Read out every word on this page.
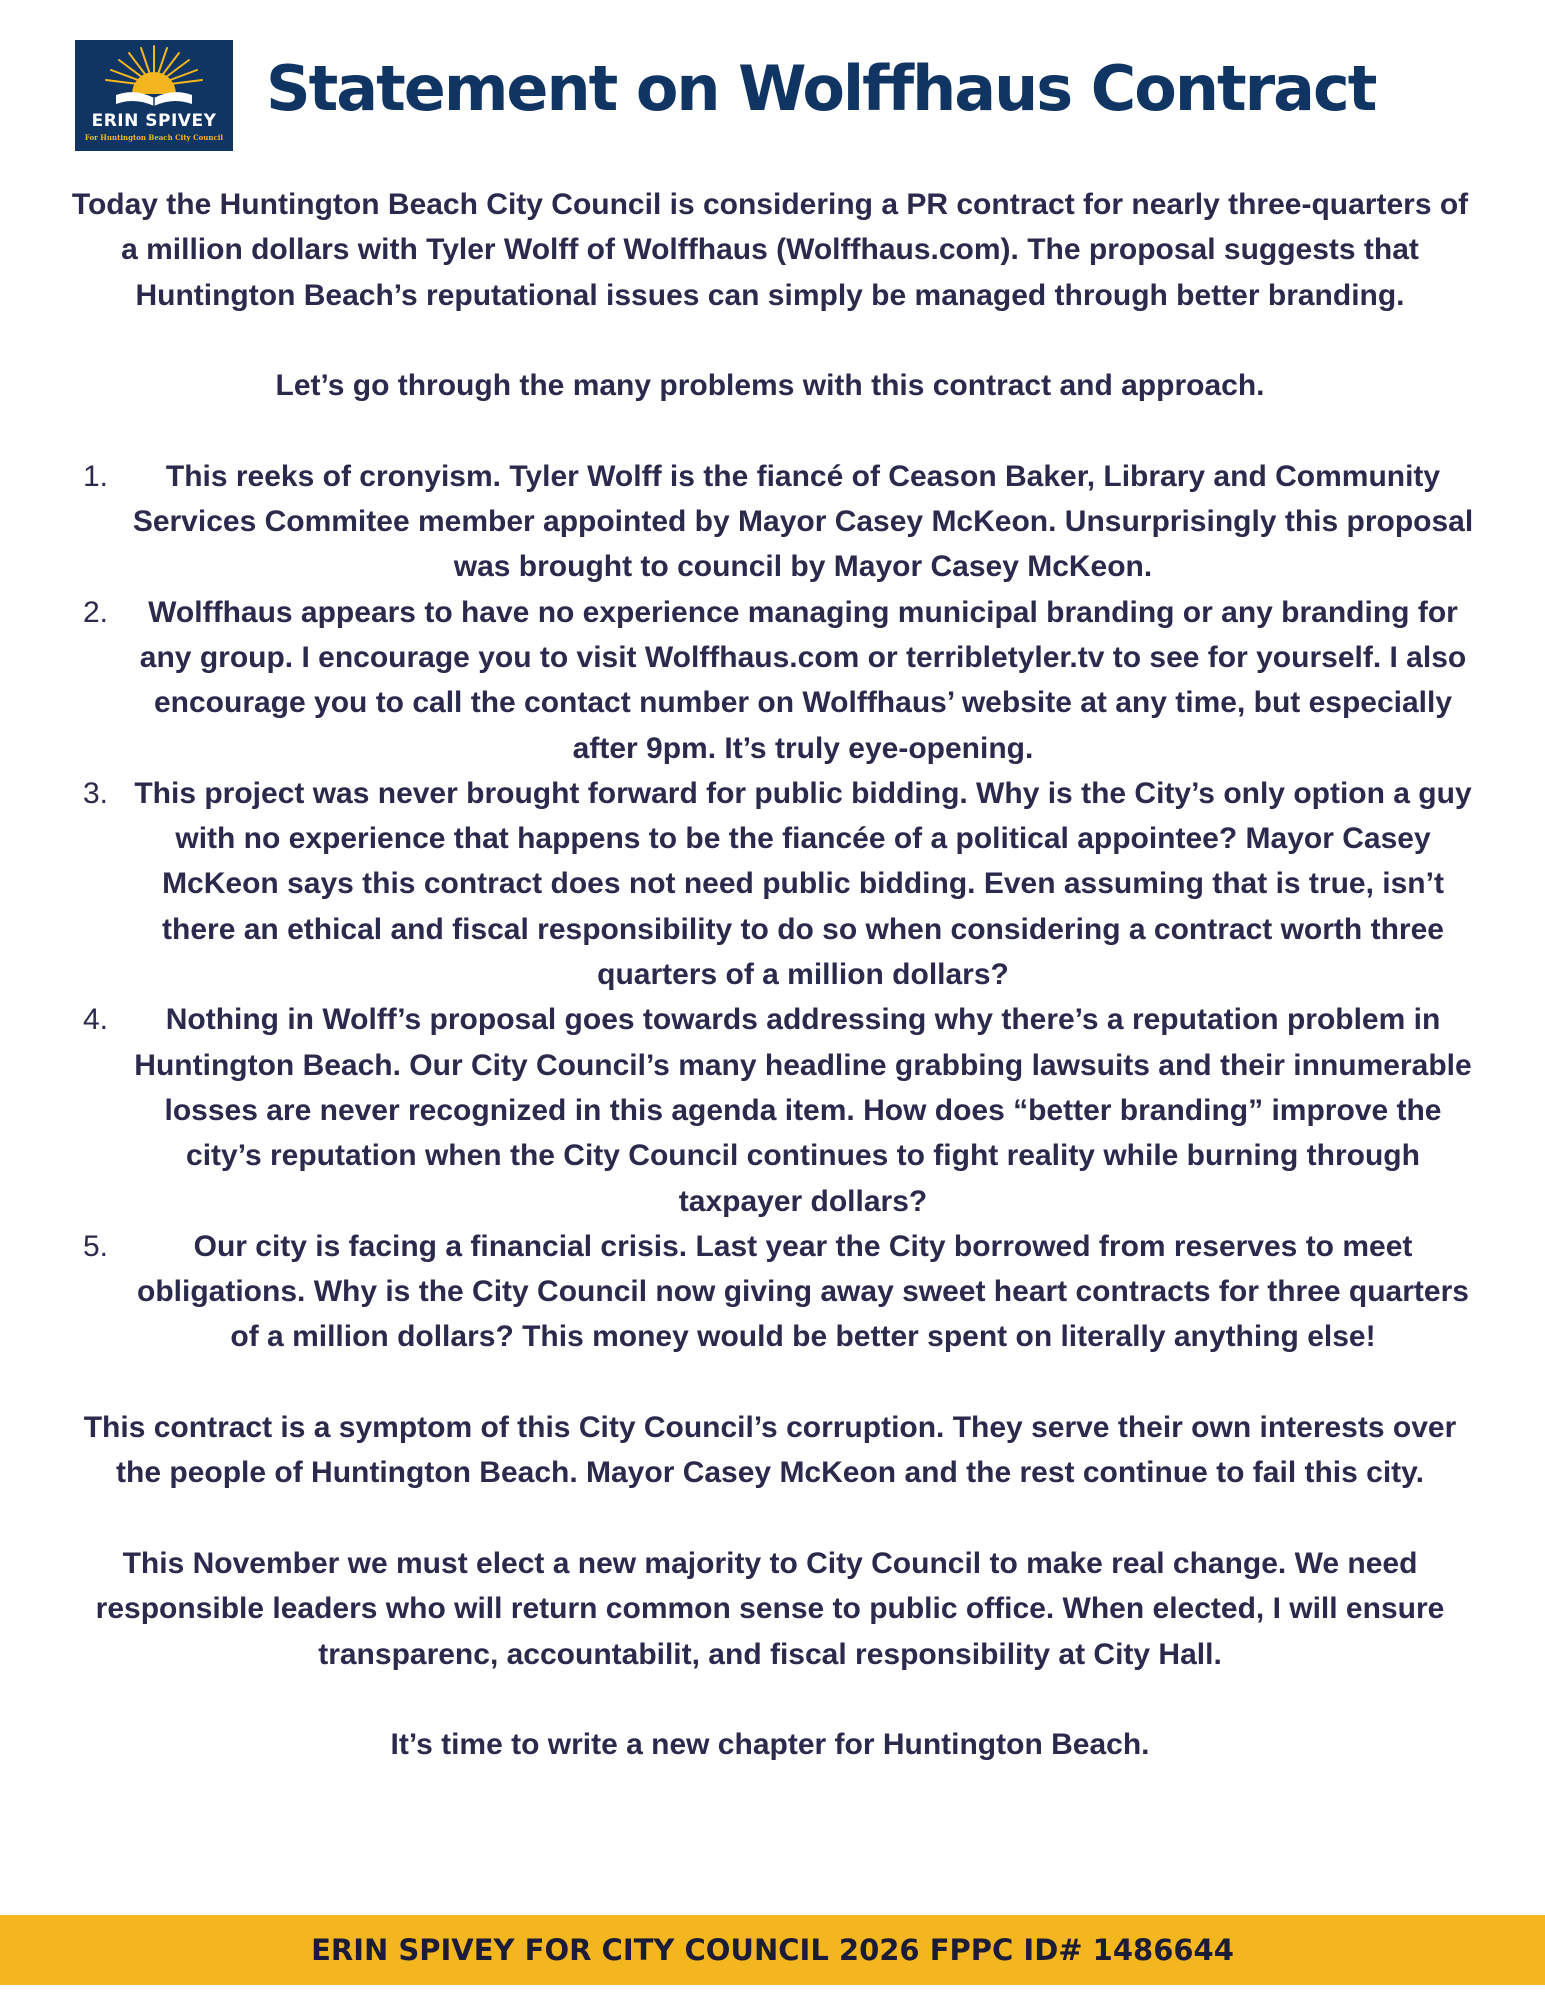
ERIN SPIVEY
For Huntington Beach City Council
Statement on Wolffhaus Contract

Today the Huntington Beach City Council is considering a PR contract for nearly three-quarters of a million dollars with Tyler Wolff of Wolffhaus (Wolffhaus.com). The proposal suggests that Huntington Beach’s reputational issues can simply be managed through better branding.

Let’s go through the many problems with this contract and approach.

1. This reeks of cronyism. Tyler Wolff is the fiancé of Ceason Baker, Library and Community Services Commitee member appointed by Mayor Casey McKeon. Unsurprisingly this proposal was brought to council by Mayor Casey McKeon.
2. Wolffhaus appears to have no experience managing municipal branding or any branding for any group. I encourage you to visit Wolffhaus.com or terribletyler.tv to see for yourself. I also encourage you to call the contact number on Wolffhaus’ website at any time, but especially after 9pm. It’s truly eye-opening.
3. This project was never brought forward for public bidding. Why is the City’s only option a guy with no experience that happens to be the fiancée of a political appointee? Mayor Casey McKeon says this contract does not need public bidding. Even assuming that is true, isn’t there an ethical and fiscal responsibility to do so when considering a contract worth three quarters of a million dollars?
4. Nothing in Wolff’s proposal goes towards addressing why there’s a reputation problem in Huntington Beach. Our City Council’s many headline grabbing lawsuits and their innumerable losses are never recognized in this agenda item. How does “better branding” improve the city’s reputation when the City Council continues to fight reality while burning through taxpayer dollars?
5.	Our city is facing a financial crisis. Last year the City borrowed from reserves to meet obligations. Why is the City Council now giving away sweet heart contracts for three quarters of a million dollars? This money would be better spent on literally anything else!

This contract is a symptom of this City Council’s corruption. They serve their own interests over the people of Huntington Beach. Mayor Casey McKeon and the rest continue to fail this city.

This November we must elect a new majority to City Council to make real change. We need responsible leaders who will return common sense to public office. When elected, I will ensure transparenc, accountabilit, and fiscal responsibility at City Hall.

It’s time to write a new chapter for Huntington Beach.

ERIN SPIVEY FOR CITY COUNCIL 2026 FPPC ID# 1486644
